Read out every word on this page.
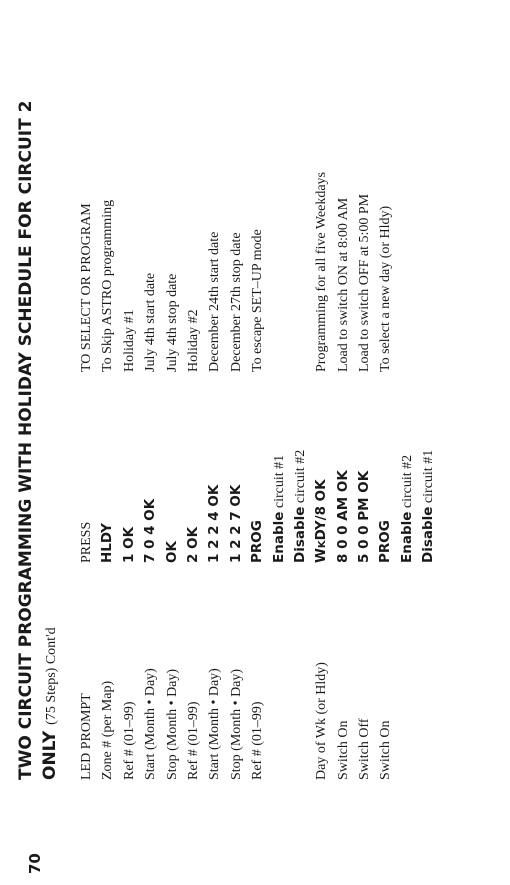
70
TWO CIRCUIT PROGRAMMING WITH HOLIDAY SCHEDULE FOR CIRCUIT 2 ONLY(75 Steps) Cont'd
LED PROMPT Zone # (per Map) Ref # (01–99) Start (Month • Day) Stop (Month • Day) Ref # (01–99) Start (Month • Day) Stop (Month • Day) Ref # (01–99)	Day of Wk (or Hldy) Switch On Switch Off Switch On
PRESS HLDY 1 OK 7 0 4 OK OK 2 OK 1 2 2 4 OK 1 2 2 7 OK PROG Enable circuit #1
Disable circuit #2
WKDY/8 OK 8 0 0 AM OK 5 0 0 PM OK PROG Enable circuit #2
Disable circuit #1
TO SELECT OR PROGRAM To Skip ASTRO programming Holiday #1 July 4th start date July 4th stop date Holiday #2 December 24th start date December 27th stop date To escape SET–UP mode	Programming for all five Weekdays Load to switch ON at 8:00 AM Load to switch OFF at 5:00 PM To select a new day (or Hldy)
